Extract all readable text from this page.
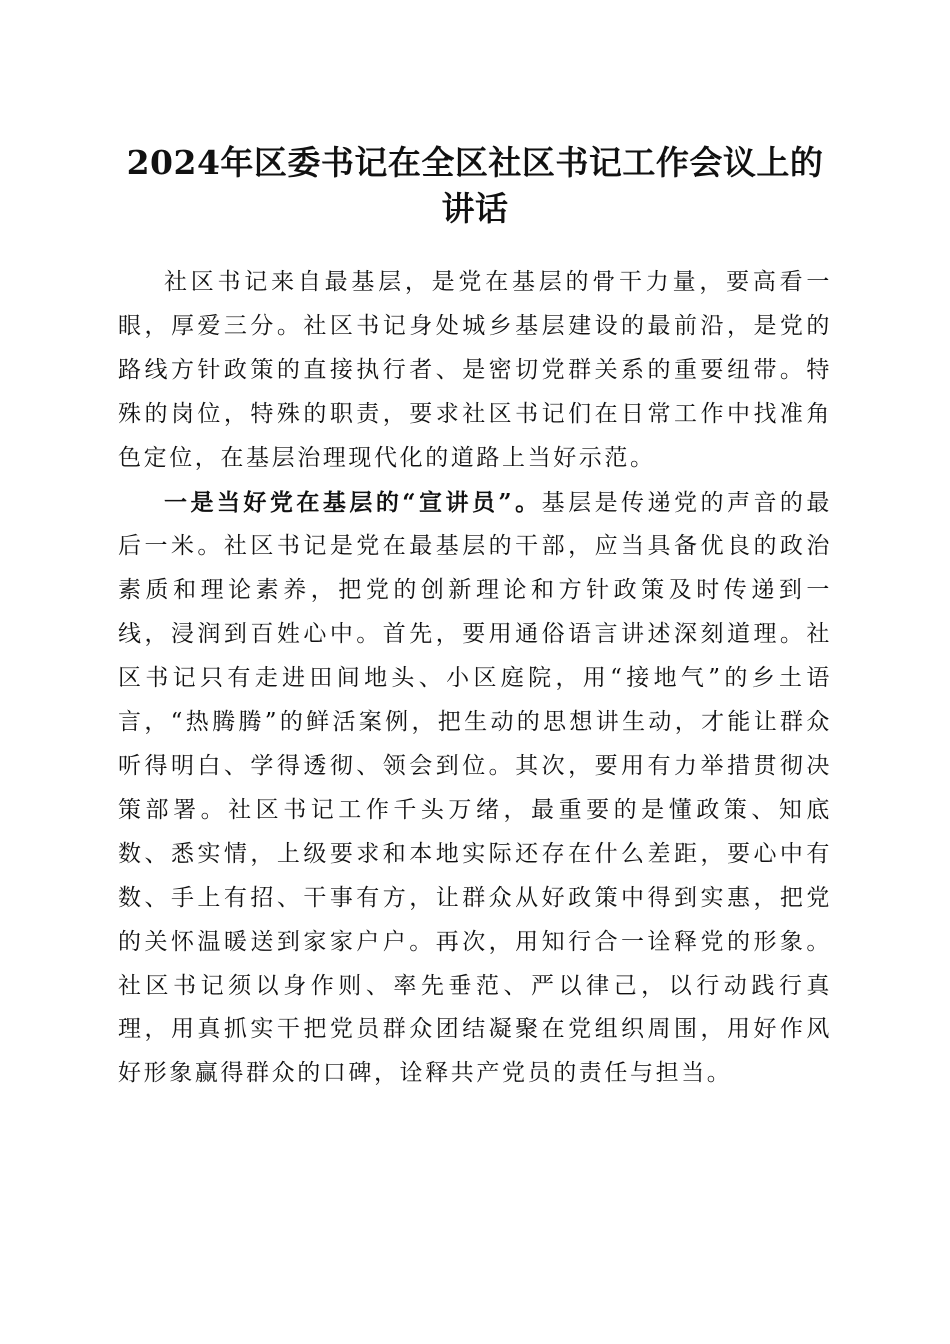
2024年区委书记在全区社区书记工作会议上的讲话

社区书记来自最基层，是党在基层的骨干力量，要高看一眼，厚爱三分。社区书记身处城乡基层建设的最前沿，是党的路线方针政策的直接执行者、是密切党群关系的重要纽带。特殊的岗位，特殊的职责，要求社区书记们在日常工作中找准角色定位，在基层治理现代化的道路上当好示范。

一是当好党在基层的“宣讲员”。基层是传递党的声音的最后一米。社区书记是党在最基层的干部，应当具备优良的政治素质和理论素养，把党的创新理论和方针政策及时传递到一线，浸润到百姓心中。首先，要用通俗语言讲述深刻道理。社区书记只有走进田间地头、小区庭院，用“接地气”的乡土语言，“热腾腾”的鲜活案例，把生动的思想讲生动，才能让群众听得明白、学得透彻、领会到位。其次，要用有力举措贯彻决策部署。社区书记工作千头万绪，最重要的是懂政策、知底数、悉实情，上级要求和本地实际还存在什么差距，要心中有数、手上有招、干事有方，让群众从好政策中得到实惠，把党的关怀温暖送到家家户户。再次，用知行合一诠释党的形象。社区书记须以身作则、率先垂范、严以律己，以行动践行真理，用真抓实干把党员群众团结凝聚在党组织周围，用好作风好形象赢得群众的口碑，诠释共产党员的责任与担当。
